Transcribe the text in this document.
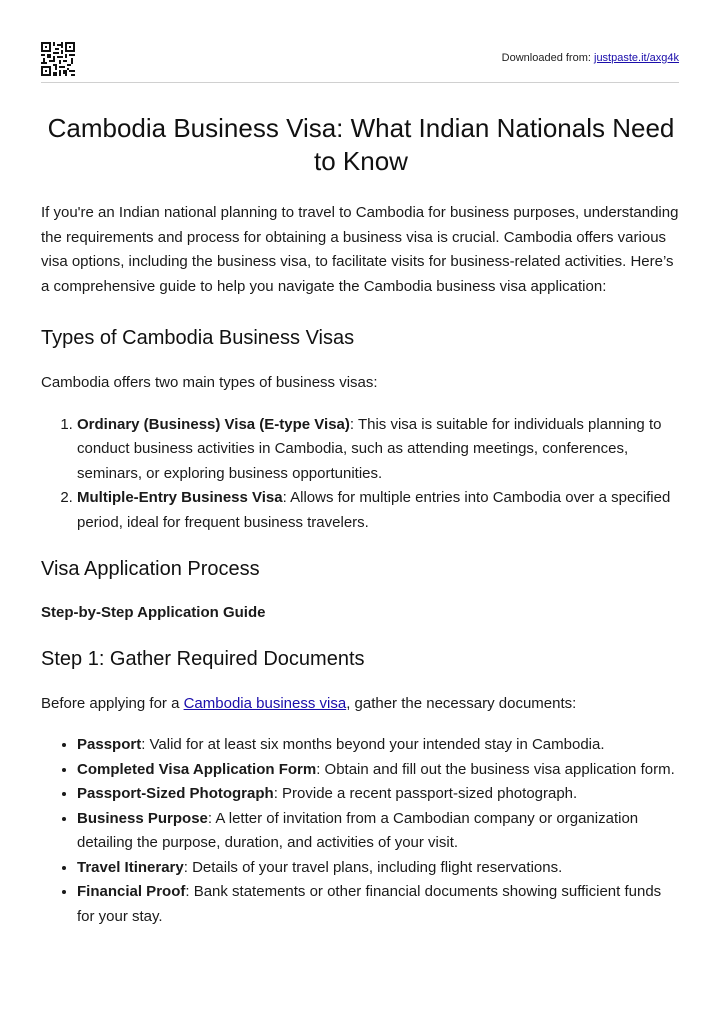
Downloaded from: justpaste.it/axg4k
Cambodia Business Visa: What Indian Nationals Need to Know

If you're an Indian national planning to travel to Cambodia for business purposes, understanding the requirements and process for obtaining a business visa is crucial. Cambodia offers various visa options, including the business visa, to facilitate visits for business-related activities. Here’s a comprehensive guide to help you navigate the Cambodia business visa application:

Types of Cambodia Business Visas

Cambodia offers two main types of business visas:

1. Ordinary (Business) Visa (E-type Visa): This visa is suitable for individuals planning to conduct business activities in Cambodia, such as attending meetings, conferences, seminars, or exploring business opportunities.
2. Multiple-Entry Business Visa: Allows for multiple entries into Cambodia over a specified period, ideal for frequent business travelers.
Visa Application Process

Step-by-Step Application Guide

Step 1: Gather Required Documents

Before applying for a Cambodia business visa, gather the necessary documents:

• Passport: Valid for at least six months beyond your intended stay in Cambodia.
• Completed Visa Application Form: Obtain and fill out the business visa application form.
• Passport-Sized Photograph: Provide a recent passport-sized photograph.
• Business Purpose: A letter of invitation from a Cambodian company or organization detailing the purpose, duration, and activities of your visit.
• Travel Itinerary: Details of your travel plans, including flight reservations.
• Financial Proof: Bank statements or other financial documents showing sufficient funds for your stay.
